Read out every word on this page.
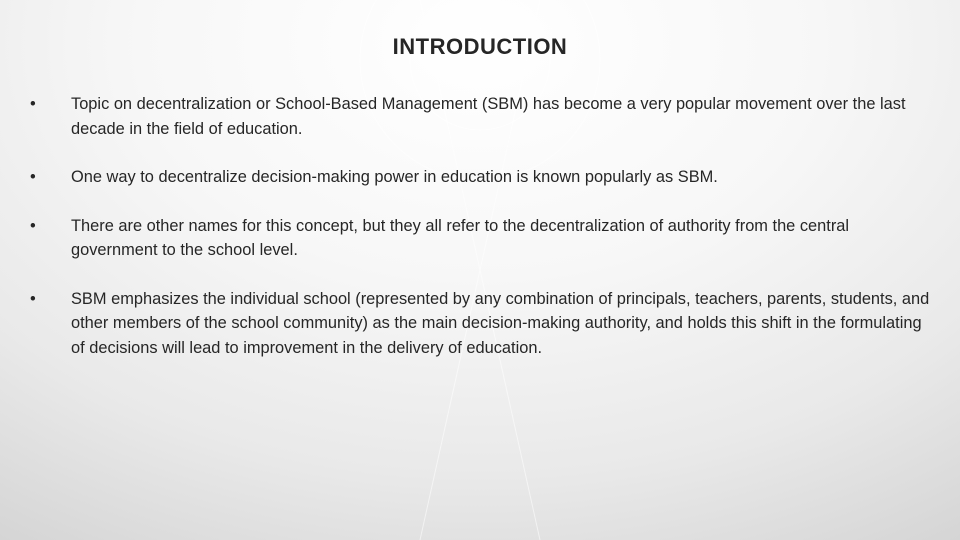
INTRODUCTION
•	Topic on decentralization or School-Based Management (SBM) has become a very popular movement over the last decade in the field of education.
•	One way to decentralize decision-making power in education is known popularly as SBM.
•	There are other names for this concept, but they all refer to the decentralization of authority from the central government to the school level.
•	SBM emphasizes the individual school (represented by any combination of principals, teachers, parents, students, and other members of the school community) as the main decision-making authority, and holds this shift in the formulating of decisions will lead to improvement in the delivery of education.
